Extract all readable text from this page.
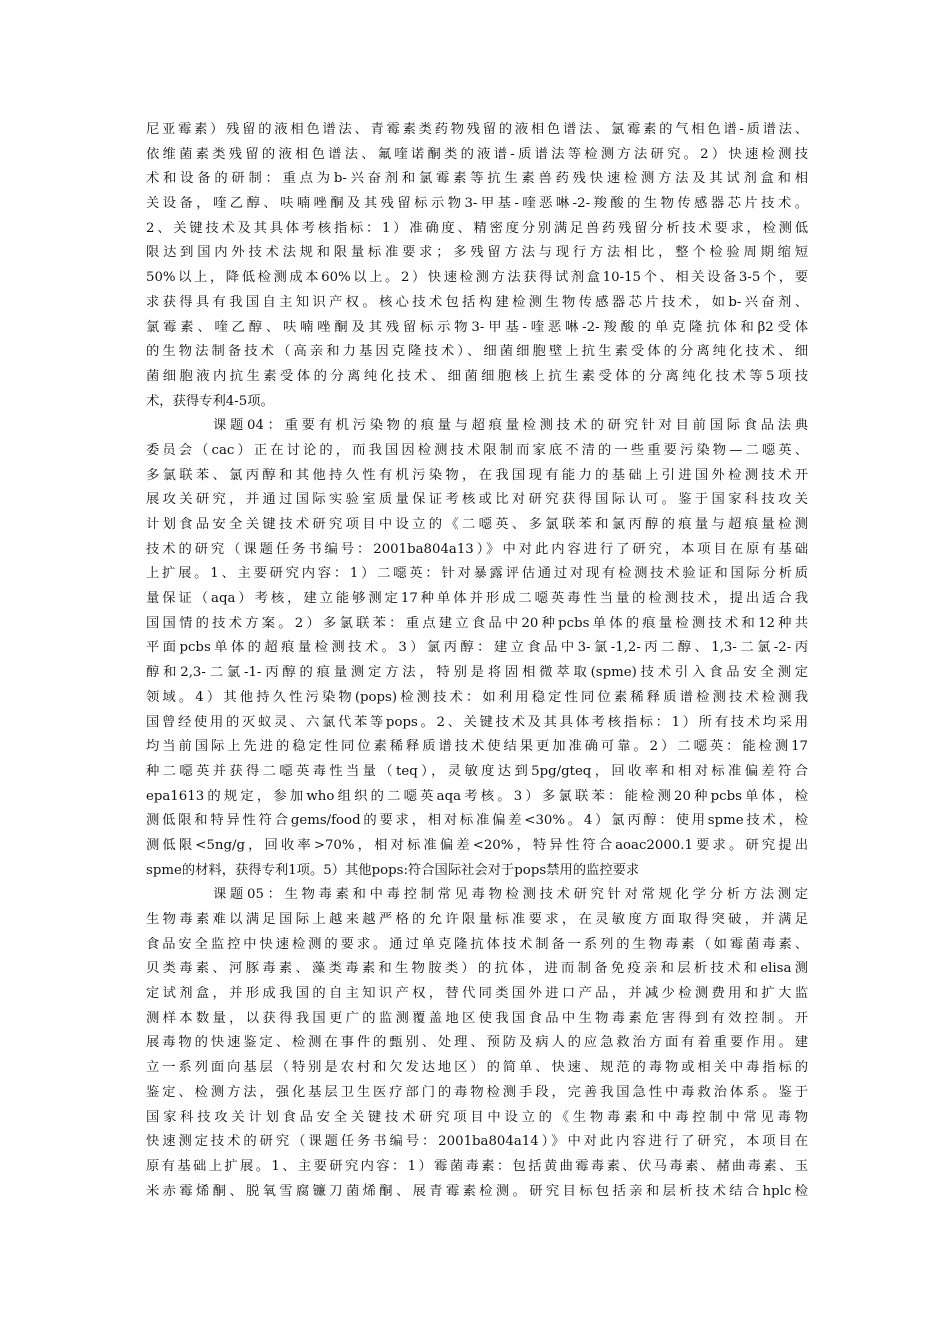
尼亚霉素）残留的液相色谱法、青霉素类药物残留的液相色谱法、氯霉素的气相色谱-质谱法、
依维菌素类残留的液相色谱法、氟喹诺酮类的液谱-质谱法等检测方法研究。2）快速检测技
术和设备的研制：重点为b-兴奋剂和氯霉素等抗生素兽药残快速检测方法及其试剂盒和相
关设备，喹乙醇、呋喃唑酮及其残留标示物3-甲基-喹恶啉-2-羧酸的生物传感器芯片技术。
2、关键技术及其具体考核指标：1）准确度、精密度分别满足兽药残留分析技术要求，检测低
限达到国内外技术法规和限量标准要求；多残留方法与现行方法相比，整个检验周期缩短
50%以上，降低检测成本60%以上。2）快速检测方法获得试剂盒10-15个、相关设备3-5个，要
求获得具有我国自主知识产权。核心技术包括构建检测生物传感器芯片技术，如b-兴奋剂、
氯霉素、喹乙醇、呋喃唑酮及其残留标示物3-甲基-喹恶啉-2-羧酸的单克隆抗体和β2受体
的生物法制备技术（高亲和力基因克隆技术）、细菌细胞壁上抗生素受体的分离纯化技术、细
菌细胞液内抗生素受体的分离纯化技术、细菌细胞核上抗生素受体的分离纯化技术等5项技
术，获得专利4-5项。
课题04：重要有机污染物的痕量与超痕量检测技术的研究针对目前国际食品法典
委员会（cac）正在讨论的，而我国因检测技术限制而家底不清的一些重要污染物—二噁英、
多氯联苯、氯丙醇和其他持久性有机污染物，在我国现有能力的基础上引进国外检测技术开
展攻关研究，并通过国际实验室质量保证考核或比对研究获得国际认可。鉴于国家科技攻关
计划食品安全关键技术研究项目中设立的《二噁英、多氯联苯和氯丙醇的痕量与超痕量检测
技术的研究（课题任务书编号：2001ba804a13）》中对此内容进行了研究，本项目在原有基础
上扩展。1、主要研究内容：1）二噁英：针对暴露评估通过对现有检测技术验证和国际分析质
量保证（aqa）考核，建立能够测定17种单体并形成二噁英毒性当量的检测技术，提出适合我
国国情的技术方案。2）多氯联苯：重点建立食品中20种pcbs单体的痕量检测技术和12种共
平面pcbs单体的超痕量检测技术。3）氯丙醇：建立食品中3-氯-1,2-丙二醇、1,3-二氯-2-丙
醇和2,3-二氯-1-丙醇的痕量测定方法，特别是将固相微萃取(spme)技术引入食品安全测定
领域。4）其他持久性污染物(pops)检测技术：如利用稳定性同位素稀释质谱检测技术检测我
国曾经使用的灭蚁灵、六氯代苯等pops。2、关键技术及其具体考核指标：1）所有技术均采用
均当前国际上先进的稳定性同位素稀释质谱技术使结果更加准确可靠。2）二噁英：能检测17
种二噁英并获得二噁英毒性当量（teq），灵敏度达到5pg/gteq，回收率和相对标准偏差符合
epa1613的规定，参加who组织的二噁英aqa考核。3）多氯联苯：能检测20种pcbs单体，检
测低限和特异性符合gems/food的要求，相对标准偏差<30%。4）氯丙醇：使用spme技术，检
测低限<5ng/g，回收率>70%，相对标准偏差<20%，特异性符合aoac2000.1要求。研究提出
spme的材料，获得专利1项。5）其他pops:符合国际社会对于pops禁用的监控要求
课题05：生物毒素和中毒控制常见毒物检测技术研究针对常规化学分析方法测定
生物毒素难以满足国际上越来越严格的允许限量标准要求，在灵敏度方面取得突破，并满足
食品安全监控中快速检测的要求。通过单克隆抗体技术制备一系列的生物毒素（如霉菌毒素、
贝类毒素、河豚毒素、藻类毒素和生物胺类）的抗体，进而制备免疫亲和层析技术和elisa测
定试剂盒，并形成我国的自主知识产权，替代同类国外进口产品，并减少检测费用和扩大监
测样本数量，以获得我国更广的监测覆盖地区使我国食品中生物毒素危害得到有效控制。开
展毒物的快速鉴定、检测在事件的甄别、处理、预防及病人的应急救治方面有着重要作用。建
立一系列面向基层（特别是农村和欠发达地区）的简单、快速、规范的毒物或相关中毒指标的
鉴定、检测方法，强化基层卫生医疗部门的毒物检测手段，完善我国急性中毒救治体系。鉴于
国家科技攻关计划食品安全关键技术研究项目中设立的《生物毒素和中毒控制中常见毒物
快速测定技术的研究（课题任务书编号：2001ba804a14）》中对此内容进行了研究，本项目在
原有基础上扩展。1、主要研究内容：1）霉菌毒素：包括黄曲霉毒素、伏马毒素、赭曲毒素、玉
米赤霉烯酮、脱氧雪腐镰刀菌烯酮、展青霉素检测。研究目标包括亲和层析技术结合hplc检
